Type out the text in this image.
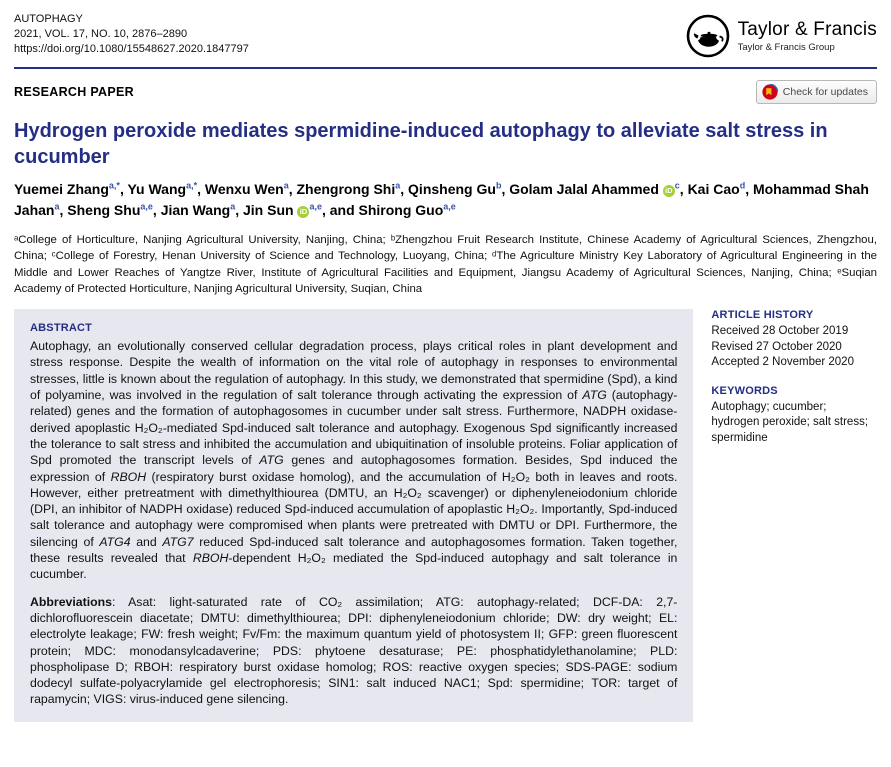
AUTOPHAGY
2021, VOL. 17, NO. 10, 2876–2890
https://doi.org/10.1080/15548627.2020.1847797
Taylor & Francis
Taylor & Francis Group
RESEARCH PAPER	Check for updates
Hydrogen peroxide mediates spermidine-induced autophagy to alleviate salt stress in cucumber

Yuemei Zhang$^{a,*}$, Yu Wang$^{a,*}$, Wenxu Wen$^a$, Zhengrong Shi$^a$, Qinsheng Gu$^b$, Golam Jalal Ahammed $iD^c$, Kai Cao$^d$, Mohammad Shah Jahan$^a$, Sheng Shu$^{a,e}$, Jian Wang$^a$, Jin Sun iD$^{a,e}$, and Shirong Guo$^{a,e}$

ᵃCollege of Horticulture, Nanjing Agricultural University, Nanjing, China; ᵇZhengzhou Fruit Research Institute, Chinese Academy of Agricultural Sciences, Zhengzhou, China; ᶜCollege of Forestry, Henan University of Science and Technology, Luoyang, China; ᵈThe Agriculture Ministry Key Laboratory of Agricultural Engineering in the Middle and Lower Reaches of Yangtze River, Institute of Agricultural Facilities and Equipment, Jiangsu Academy of Agricultural Sciences, Nanjing, China; ᵉSuqian Academy of Protected Horticulture, Nanjing Agricultural University, Suqian, China

ABSTRACT

Autophagy, an evolutionally conserved cellular degradation process, plays critical roles in plant development and stress response. Despite the wealth of information on the vital role of autophagy in responses to environmental stresses, little is known about the regulation of autophagy. In this study, we demonstrated that spermidine (Spd), a kind of polyamine, was involved in the regulation of salt tolerance through activating the expression of ATG (autophagy-related) genes and the formation of autophagosomes in cucumber under salt stress. Furthermore, NADPH oxidase-derived apoplastic H₂O₂-mediated Spd-induced salt tolerance and autophagy. Exogenous Spd significantly increased the tolerance to salt stress and inhibited the accumulation and ubiquitination of insoluble proteins. Foliar application of Spd promoted the transcript levels of ATG genes and autophagosomes formation. Besides, Spd induced the expression of RBOH (respiratory burst oxidase homolog), and the accumulation of H₂O₂ both in leaves and roots. However, either pretreatment with dimethylthiourea (DMTU, an H₂O₂ scavenger) or diphenyleneiodonium chloride (DPI, an inhibitor of NADPH oxidase) reduced Spd-induced accumulation of apoplastic H₂O₂. Importantly, Spd-induced salt tolerance and autophagy were compromised when plants were pretreated with DMTU or DPI. Furthermore, the silencing of ATG4 and ATG7 reduced Spd-induced salt tolerance and autophagosomes formation. Taken together, these results revealed that RBOH-dependent H₂O₂ mediated the Spd-induced autophagy and salt tolerance in cucumber.

Abbreviations: Asat: light-saturated rate of CO₂ assimilation; ATG: autophagy-related; DCF-DA: 2,7-dichlorofluorescein diacetate; DMTU: dimethylthiourea; DPI: diphenyleneiodonium chloride; DW: dry weight; EL: electrolyte leakage; FW: fresh weight; Fv/Fm: the maximum quantum yield of photosystem II; GFP: green fluorescent protein; MDC: monodansylcadaverine; PDS: phytoene desaturase; PE: phosphatidylethanolamine; PLD: phospholipase D; RBOH: respiratory burst oxidase homolog; ROS: reactive oxygen species; SDS-PAGE: sodium dodecyl sulfate-polyacrylamide gel electrophoresis; SIN1: salt induced NAC1; Spd: spermidine; TOR: target of rapamycin; VIGS: virus-induced gene silencing.

ARTICLE HISTORY
Received 28 October 2019
Revised 27 October 2020
Accepted 2 November 2020
KEYWORDS

Autophagy; cucumber; hydrogen peroxide; salt stress; spermidine
